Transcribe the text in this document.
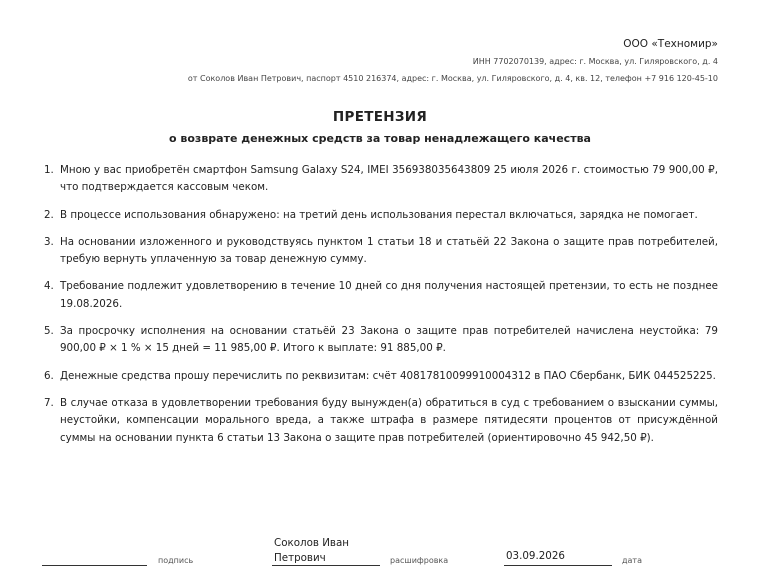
ООО «Техномир»
ИНН 7702070139, адрес: г. Москва, ул. Гиляровского, д. 4
от Соколов Иван Петрович, паспорт 4510 216374, адрес: г. Москва, ул. Гиляровского, д. 4, кв. 12, телефон +7 916 120-45-10
ПРЕТЕНЗИЯ
о возврате денежных средств за товар ненадлежащего качества
1. Мною у вас приобретён смартфон Samsung Galaxy S24, IMEI 356938035643809 25 июля 2026 г. стоимостью 79 900,00 ₽, что подтверждается кассовым чеком.
2. В процессе использования обнаружено: на третий день использования перестал включаться, зарядка не помогает.
3. На основании изложенного и руководствуясь пунктом 1 статьи 18 и статьёй 22 Закона о защите прав потребителей, требую вернуть уплаченную за товар денежную сумму.
4. Требование подлежит удовлетворению в течение 10 дней со дня получения настоящей претензии, то есть не позднее 19.08.2026.
5. За просрочку исполнения на основании статьёй 23 Закона о защите прав потребителей начислена неустойка: 79 900,00 ₽ × 1 % × 15 дней = 11 985,00 ₽. Итого к выплате: 91 885,00 ₽.
6. Денежные средства прошу перечислить по реквизитам: счёт 40817810099910004312 в ПАО Сбербанк, БИК 044525225.
7. В случае отказа в удовлетворении требования буду вынужден(а) обратиться в суд с требованием о взыскании суммы, неустойки, компенсации морального вреда, а также штрафа в размере пятидесяти процентов от присуждённой суммы на основании пункта 6 статьи 13 Закона о защите прав потребителей (ориентировочно 45 942,50 ₽).
подпись
Соколов Иван Петрович	расшифровка	03.09.2026	дата
